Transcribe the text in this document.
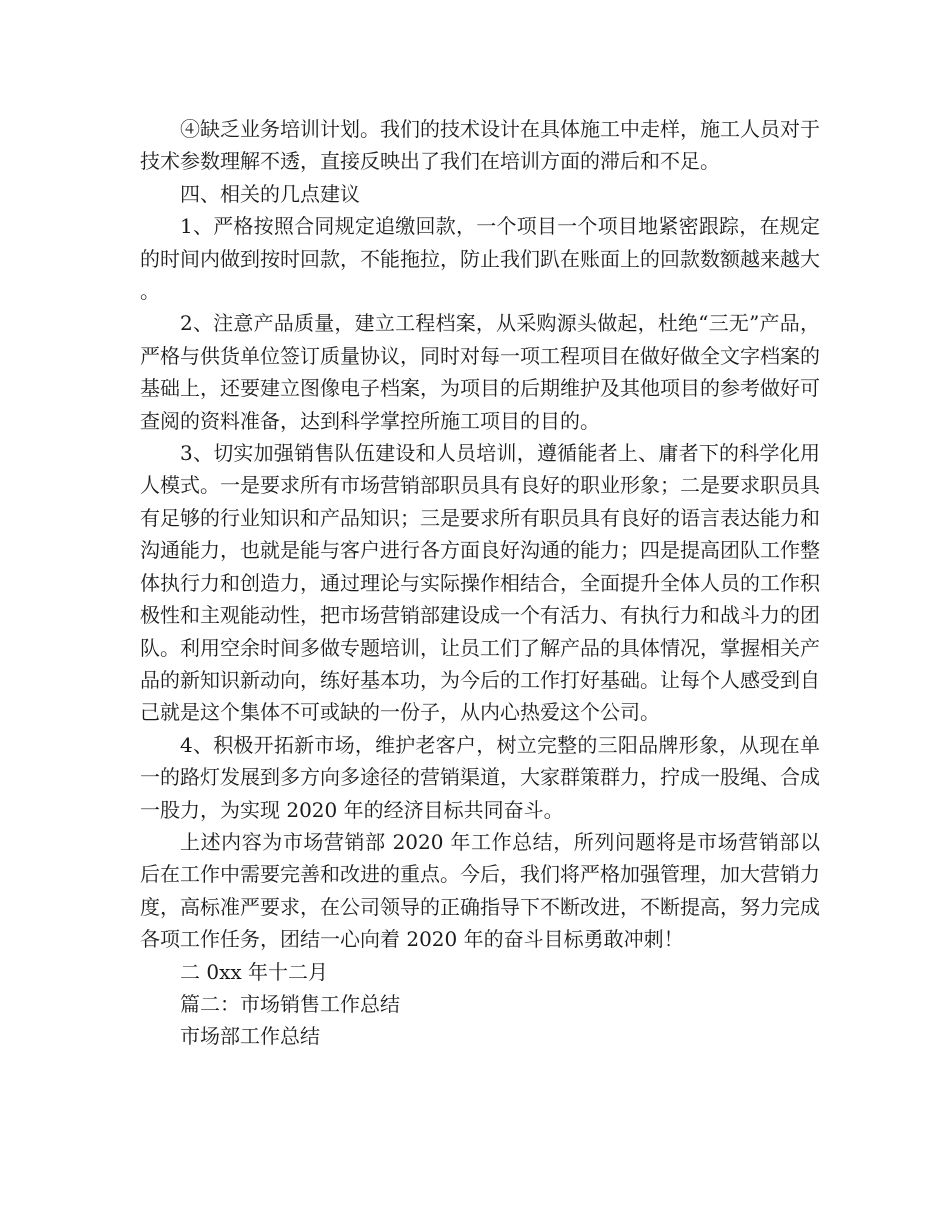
④缺乏业务培训计划。我们的技术设计在具体施工中走样，施工人员对于技术参数理解不透，直接反映出了我们在培训方面的滞后和不足。

四、相关的几点建议

1、严格按照合同规定追缴回款，一个项目一个项目地紧密跟踪，在规定的时间内做到按时回款，不能拖拉，防止我们趴在账面上的回款数额越来越大。

2、注意产品质量，建立工程档案，从采购源头做起，杜绝“三无”产品，严格与供货单位签订质量协议，同时对每一项工程项目在做好做全文字档案的基础上，还要建立图像电子档案，为项目的后期维护及其他项目的参考做好可查阅的资料准备，达到科学掌控所施工项目的目的。

3、切实加强销售队伍建设和人员培训，遵循能者上、庸者下的科学化用人模式。一是要求所有市场营销部职员具有良好的职业形象；二是要求职员具有足够的行业知识和产品知识；三是要求所有职员具有良好的语言表达能力和沟通能力，也就是能与客户进行各方面良好沟通的能力；四是提高团队工作整体执行力和创造力，通过理论与实际操作相结合，全面提升全体人员的工作积极性和主观能动性，把市场营销部建设成一个有活力、有执行力和战斗力的团队。利用空余时间多做专题培训，让员工们了解产品的具体情况，掌握相关产品的新知识新动向，练好基本功，为今后的工作打好基础。让每个人感受到自己就是这个集体不可或缺的一份子，从内心热爱这个公司。

4、积极开拓新市场，维护老客户，树立完整的三阳品牌形象，从现在单一的路灯发展到多方向多途径的营销渠道，大家群策群力，拧成一股绳、合成一股力，为实现 2020 年的经济目标共同奋斗。

上述内容为市场营销部 2020 年工作总结，所列问题将是市场营销部以后在工作中需要完善和改进的重点。今后，我们将严格加强管理，加大营销力度，高标准严要求，在公司领导的正确指导下不断改进，不断提高，努力完成各项工作任务，团结一心向着 2020 年的奋斗目标勇敢冲刺！

二 0xx 年十二月

篇二：市场销售工作总结

市场部工作总结
